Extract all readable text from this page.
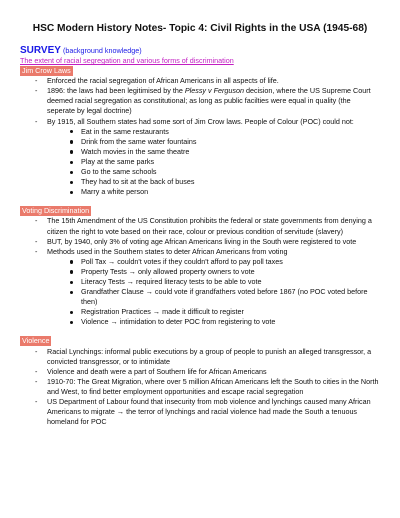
HSC Modern History Notes- Topic 4: Civil Rights in the USA (1945-68)

SURVEY (background knowledge)

The extent of racial segregation and various forms of discrimination

Jim Crow Laws
- Enforced the racial segregation of African Americans in all aspects of life.
- 1896: the laws had been legitimised by the Plessy v Ferguson decision, where the US Supreme Court deemed racial segregation as constitutional; as long as public facilties were equal in quality (the seperate by legal doctrine)
- By 1915, all Southern states had some sort of Jim Crow laws. People of Colour (POC) could not:
Eat in the same restaurants
Drink from the same water fountains
Watch movies in the same theatre
Play at the same parks
Go to the same schools
They had to sit at the back of buses
Marry a white person
Voting Discrimination
- The 15th Amendment of the US Constitution prohibits the federal or state governments from denying a citizen the right to vote based on their race, colour or previous condition of servitude (slavery)
- BUT, by 1940, only 3% of voting age African Americans living in the South were registered to vote
- Methods used in the Southern states to deter African Americans from voting
Poll Tax → couldn't votes if they couldn't afford to pay poll taxes
Property Tests → only allowed property owners to vote
Literacy Tests → required literacy tests to be able to vote
Grandfather Clause → could vote if grandfathers voted before 1867 (no POC voted before then)
Registration Practices → made it difficult to register
Violence → intimidation to deter POC from registering to vote
Violence
- Racial Lynchings: informal public executions by a group of people to punish an alleged transgressor, a convicted transgressor, or to intimidate
- Violence and death were a part of Southern life for African Americans
- 1910-70: The Great Migration, where over 5 million African Americans left the South to cities in the North and West, to find better employment opportunities and escape racial segregation
- US Department of Labour found that insecurity from mob violence and lynchings caused many African Americans to migrate → the terror of lynchings and racial violence had made the South a tenuous homeland for POC
